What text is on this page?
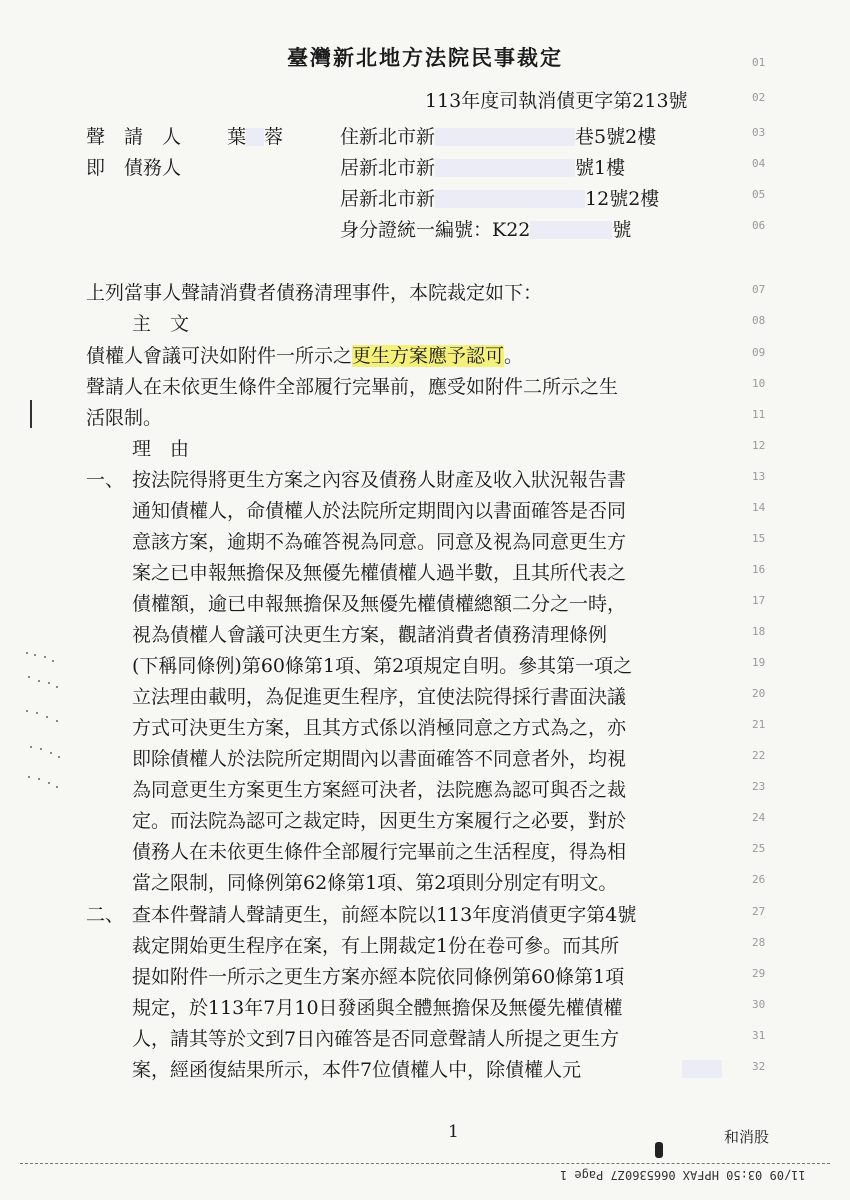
臺灣新北地方法院民事裁定
113年度司執消債更字第213號
聲　請　人 葉 蓉	住新北市新	巷5號2樓
即　債務人	居新北市新	號1樓
居新北市新	12號2樓
身分證統一編號：K22	號
上列當事人聲請消費者債務清理事件，本院裁定如下：
主　文
債權人會議可決如附件一所示之更生方案應予認可。
聲請人在未依更生條件全部履行完畢前，應受如附件二所示之生
活限制。
理　由
一、 按法院得將更生方案之內容及債務人財產及收入狀況報告書
通知債權人，命債權人於法院所定期間內以書面確答是否同
意該方案，逾期不為確答視為同意。同意及視為同意更生方
案之已申報無擔保及無優先權債權人過半數，且其所代表之
債權額，逾已申報無擔保及無優先權債權總額二分之一時，
視為債權人會議可決更生方案，觀諸消費者債務清理條例
(下稱同條例)第60條第1項、第2項規定自明。參其第一項之
立法理由載明，為促進更生程序，宜使法院得採行書面決議
方式可決更生方案，且其方式係以消極同意之方式為之，亦
即除債權人於法院所定期間內以書面確答不同意者外，均視
為同意更生方案更生方案經可決者，法院應為認可與否之裁
定。而法院為認可之裁定時，因更生方案履行之必要，對於
債務人在未依更生條件全部履行完畢前之生活程度，得為相
當之限制，同條例第62條第1項、第2項則分別定有明文。
二、 查本件聲請人聲請更生，前經本院以113年度消債更字第4號
裁定開始更生程序在案，有上開裁定1份在卷可參。而其所
提如附件一所示之更生方案亦經本院依同條例第60條第1項
規定，於113年7月10日發函與全體無擔保及無優先權債權
人，請其等於文到7日內確答是否同意聲請人所提之更生方
案，經函復結果所示，本件7位債權人中，除債權人元
01
02
03
04
05
06
07
08
09
10
11
12
13
14
15
16
17
18
19
20
21
22
23
24
25
26
27
28
29
30
31
32
1	和消股
11/09 03:50 HPFAX 0665360Z7 Page 1
